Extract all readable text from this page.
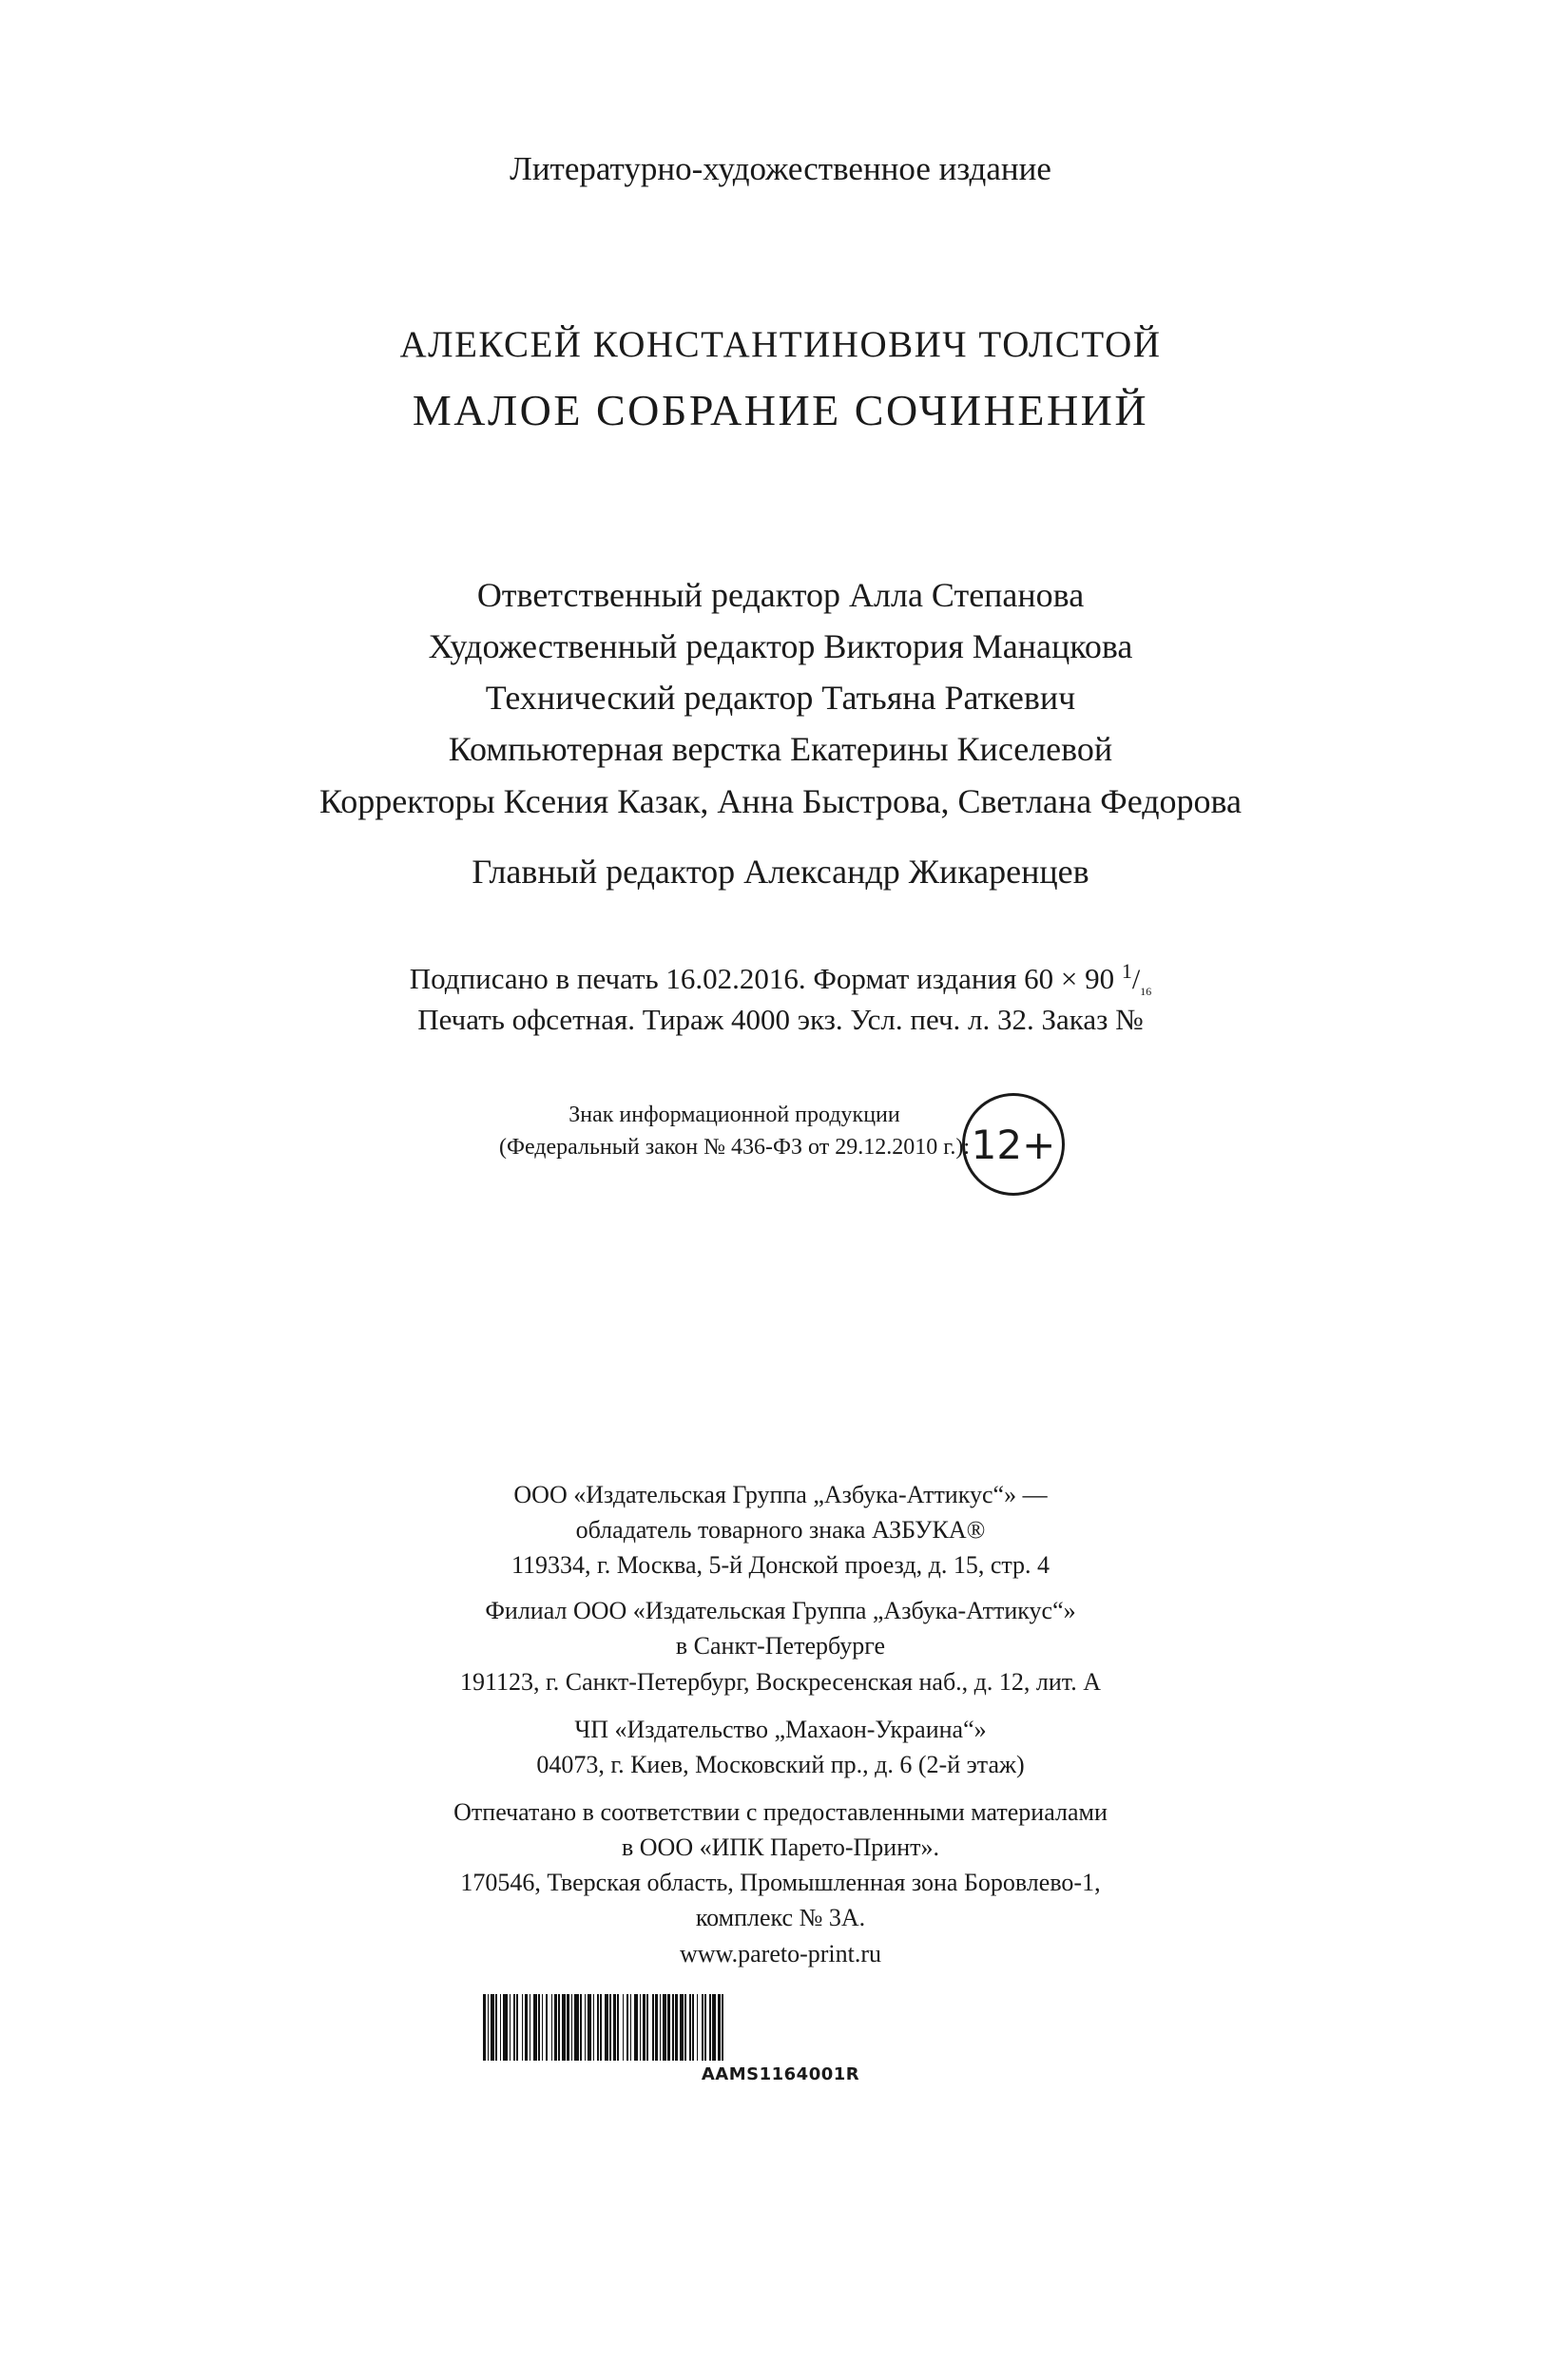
Литературно-художественное издание
АЛЕКСЕЙ КОНСТАНТИНОВИЧ ТОЛСТОЙ
МАЛОЕ СОБРАНИЕ СОЧИНЕНИЙ
Ответственный редактор Алла Степанова
Художественный редактор Виктория Манацкова
Технический редактор Татьяна Раткевич
Компьютерная верстка Екатерины Киселевой
Корректоры Ксения Казак, Анна Быстрова, Светлана Федорова
Главный редактор Александр Жикаренцев
Подписано в печать 16.02.2016. Формат издания 60 × 90 $^1/_{16}$
Печать офсетная. Тираж 4000 экз. Усл. печ. л. 32. Заказ №
Знак информационной продукции
(Федеральный закон № 436-ФЗ от 29.12.2010 г.): 12+
ООО «Издательская Группа „Азбука-Аттикус“» —
обладатель товарного знака АЗБУКА®
119334, г. Москва, 5-й Донской проезд, д. 15, стр. 4
Филиал ООО «Издательская Группа „Азбука-Аттикус“»
в Санкт-Петербурге
191123, г. Санкт-Петербург, Воскресенская наб., д. 12, лит. А
ЧП «Издательство „Махаон-Украина“»
04073, г. Киев, Московский пр., д. 6 (2-й этаж)
Отпечатано в соответствии с предоставленными материалами
в ООО «ИПК Парето-Принт».
170546, Тверская область, Промышленная зона Боровлево-1,
комплекс № 3А.
www.pareto-print.ru
AAMS1164001R
